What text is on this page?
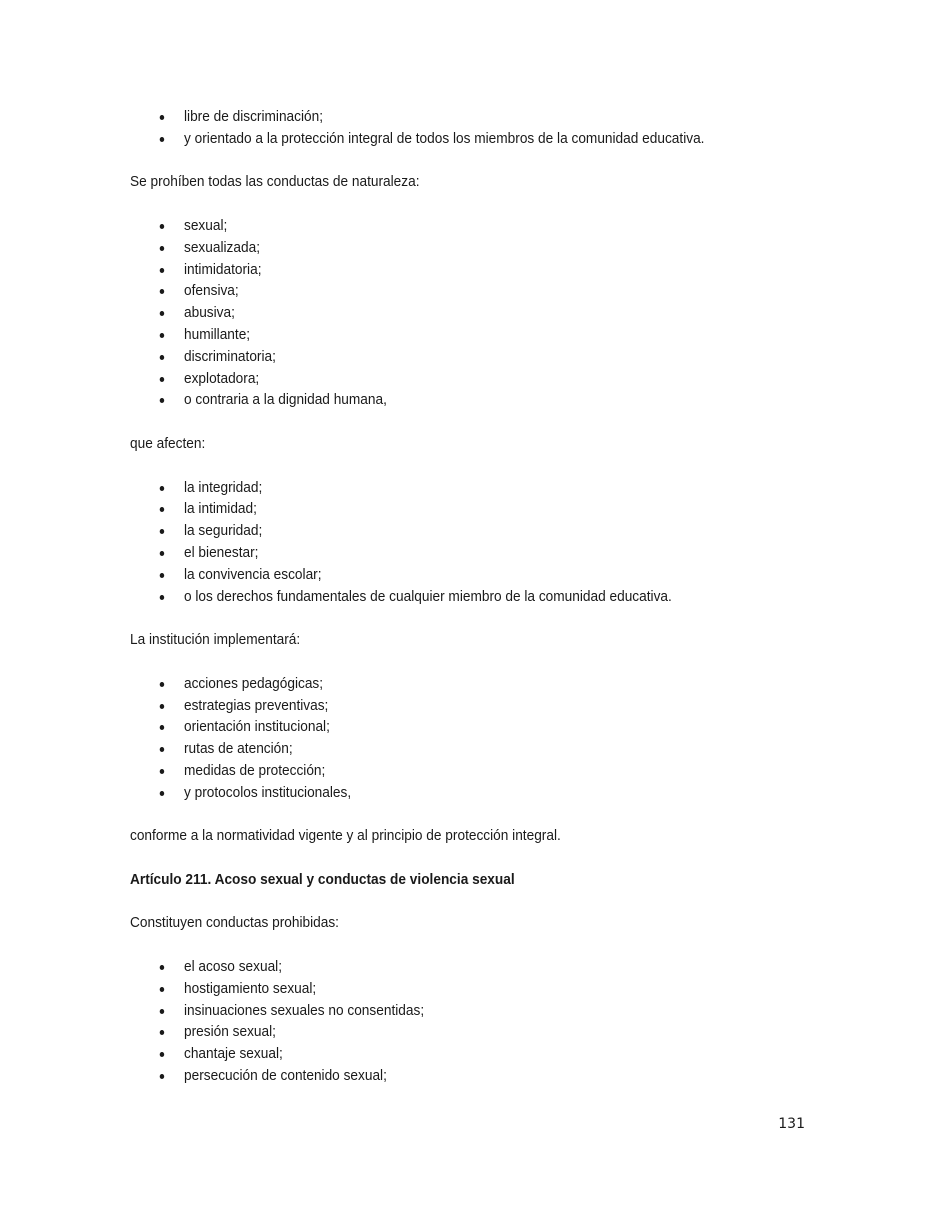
libre de discriminación;
y orientado a la protección integral de todos los miembros de la comunidad educativa.

Se prohíben todas las conductas de naturaleza:

sexual;
sexualizada;
intimidatoria;
ofensiva;
abusiva;
humillante;
discriminatoria;
explotadora;
o contraria a la dignidad humana,

que afecten:

la integridad;
la intimidad;
la seguridad;
el bienestar;
la convivencia escolar;
o los derechos fundamentales de cualquier miembro de la comunidad educativa.

La institución implementará:

acciones pedagógicas;
estrategias preventivas;
orientación institucional;
rutas de atención;
medidas de protección;
y protocolos institucionales,

conforme a la normatividad vigente y al principio de protección integral.

Artículo 211. Acoso sexual y conductas de violencia sexual

Constituyen conductas prohibidas:

el acoso sexual;
hostigamiento sexual;
insinuaciones sexuales no consentidas;
presión sexual;
chantaje sexual;
persecución de contenido sexual;
131
